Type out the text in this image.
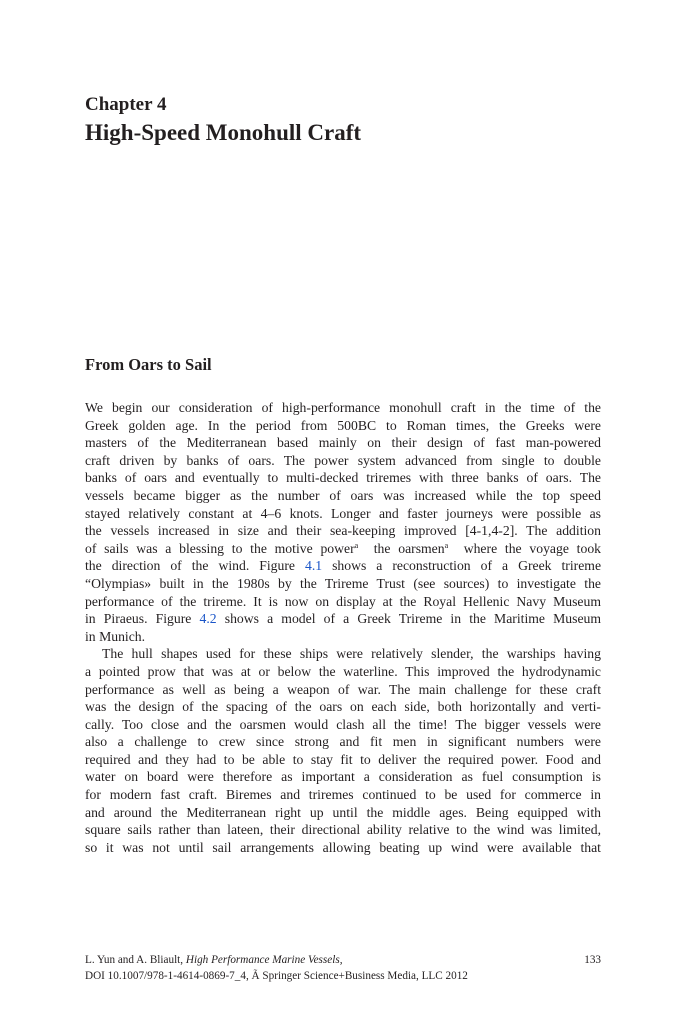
Chapter 4
High-Speed Monohull Craft
From Oars to Sail
We begin our consideration of high-performance monohull craft in the time of the
Greek golden age. In the period from 500BC to Roman times, the Greeks were
masters of the Mediterranean based mainly on their design of fast man-powered
craft driven by banks of oars. The power system advanced from single to double
banks of oars and eventually to multi-decked triremes with three banks of oars. The
vessels became bigger as the number of oars was increased while the top speed
stayed relatively constant at 4–6 knots. Longer and faster journeys were possible as
the vessels increased in size and their sea-keeping improved [4-1,4-2]. The addition
of sails was a blessing to the motive power$^a$ the oarsmen$^a$ where the voyage took
the direction of the wind. Figure 4.1 shows a reconstruction of a Greek trireme
“Olympias» built in the 1980s by the Trireme Trust (see sources) to investigate the
performance of the trireme. It is now on display at the Royal Hellenic Navy Museum
in Piraeus. Figure 4.2 shows a model of a Greek Trireme in the Maritime Museum
in Munich.
The hull shapes used for these ships were relatively slender, the warships having
a pointed prow that was at or below the waterline. This improved the hydrodynamic
performance as well as being a weapon of war. The main challenge for these craft
was the design of the spacing of the oars on each side, both horizontally and verti-
cally. Too close and the oarsmen would clash all the time! The bigger vessels were
also a challenge to crew since strong and fit men in significant numbers were
required and they had to be able to stay fit to deliver the required power. Food and
water on board were therefore as important a consideration as fuel consumption is
for modern fast craft. Biremes and triremes continued to be used for commerce in
and around the Mediterranean right up until the middle ages. Being equipped with
square sails rather than lateen, their directional ability relative to the wind was limited,
so it was not until sail arrangements allowing beating up wind were available that
L. Yun and A. Bliault, High Performance Marine Vessels,	133
DOI 10.1007/978-1-4614-0869-7_4, Ã Springer Science+Business Media, LLC 2012
